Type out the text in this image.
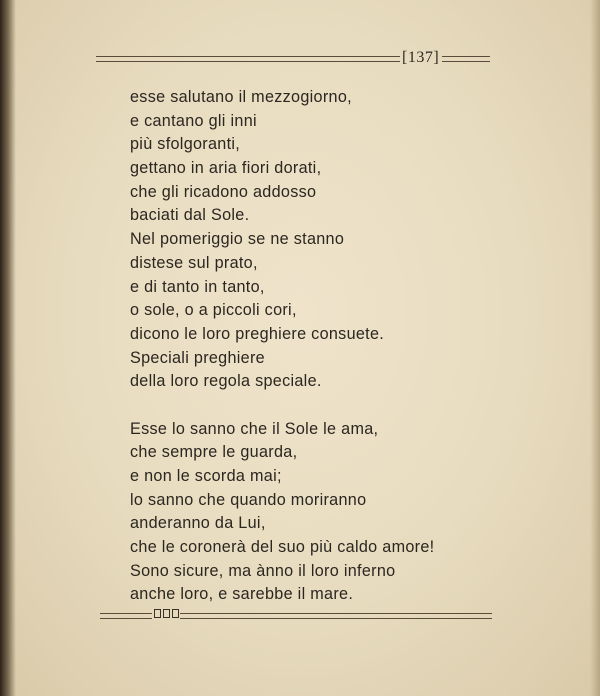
[137]
esse salutano il mezzogiorno,
e cantano gli inni
più sfolgoranti,
gettano in aria fiori dorati,
che gli ricadono addosso
baciati dal Sole.
Nel pomeriggio se ne stanno
distese sul prato,
e di tanto in tanto,
o sole, o a piccoli cori,
dicono le loro preghiere consuete.
Speciali preghiere
della loro regola speciale.
Esse lo sanno che il Sole le ama,
che sempre le guarda,
e non le scorda mai;
lo sanno che quando moriranno
anderanno da Lui,
che le coronerà del suo più caldo amore!
Sono sicure, ma ànno il loro inferno
anche loro, e sarebbe il mare.
